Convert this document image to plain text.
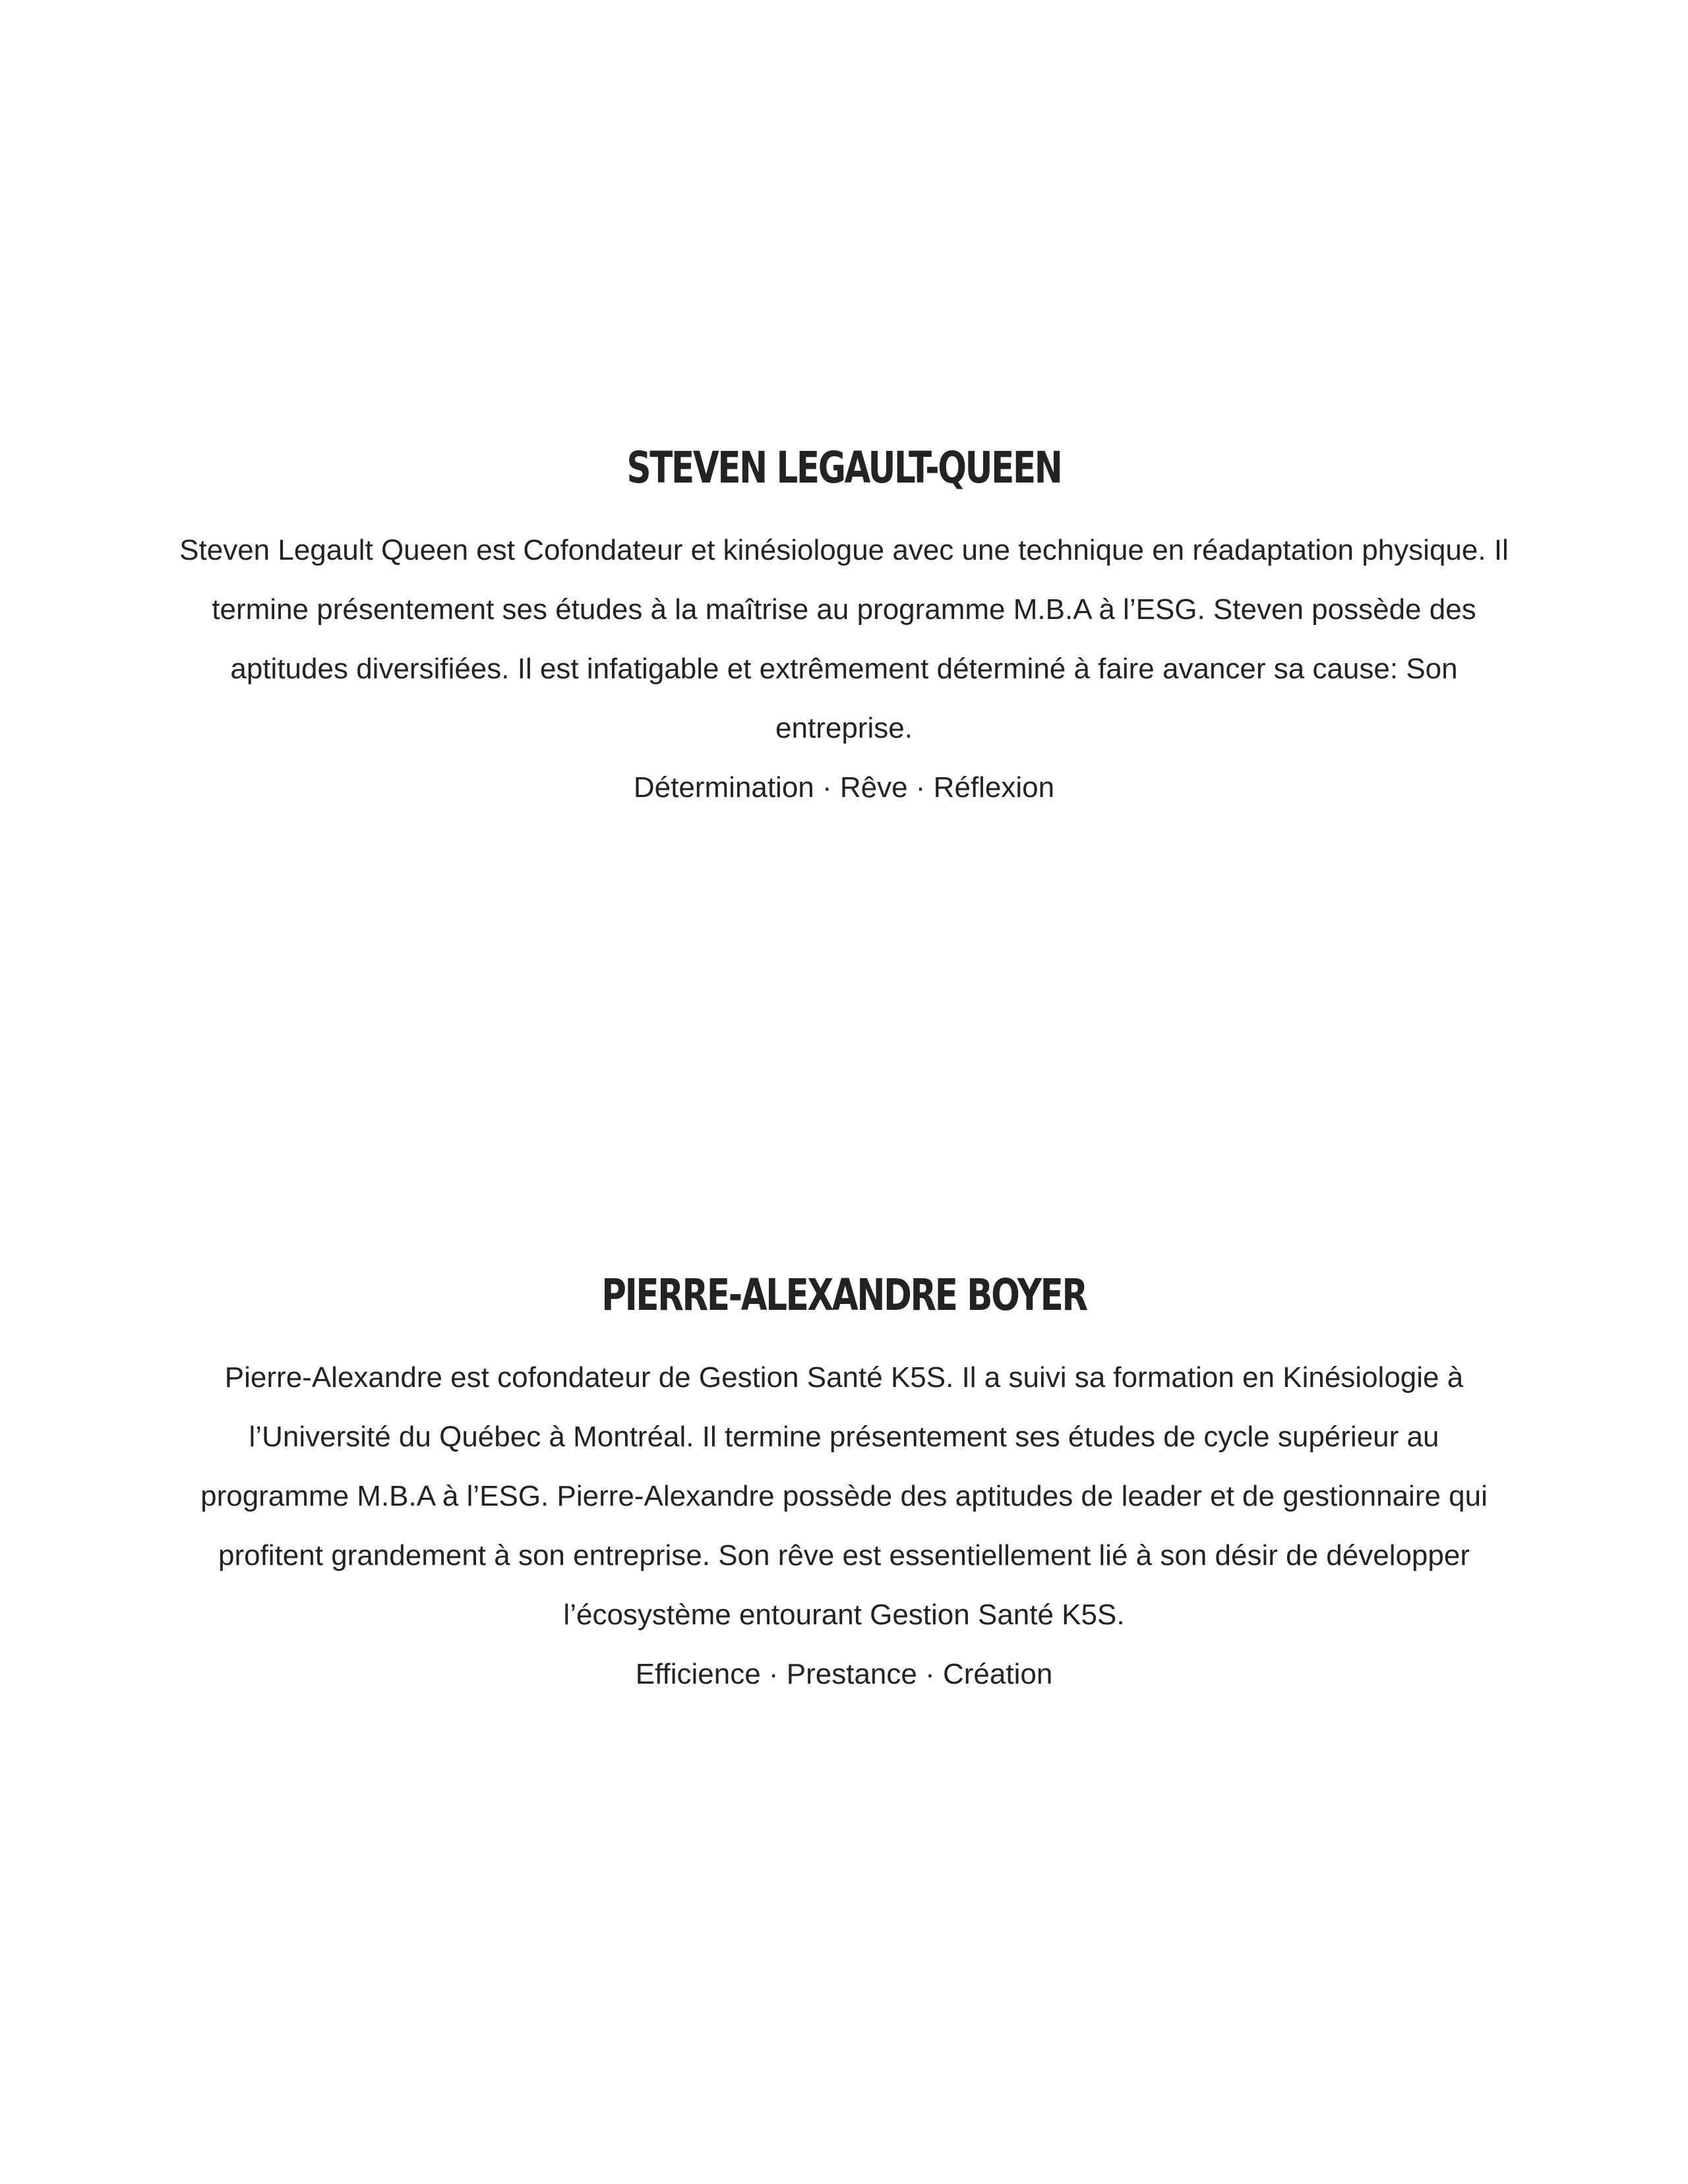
STEVEN LEGAULT-QUEEN

Steven Legault Queen est Cofondateur et kinésiologue avec une technique en réadaptation physique. Il termine présentement ses études à la maîtrise au programme M.B.A à l’ESG. Steven possède des aptitudes diversifiées. Il est infatigable et extrêmement déterminé à faire avancer sa cause: Son entreprise.

Détermination · Rêve · Réflexion

PIERRE-ALEXANDRE BOYER

Pierre-Alexandre est cofondateur de Gestion Santé K5S. Il a suivi sa formation en Kinésiologie à l’Université du Québec à Montréal. Il termine présentement ses études de cycle supérieur au programme M.B.A à l’ESG. Pierre-Alexandre possède des aptitudes de leader et de gestionnaire qui profitent grandement à son entreprise. Son rêve est essentiellement lié à son désir de développer l’écosystème entourant Gestion Santé K5S.

Efficience · Prestance · Création
